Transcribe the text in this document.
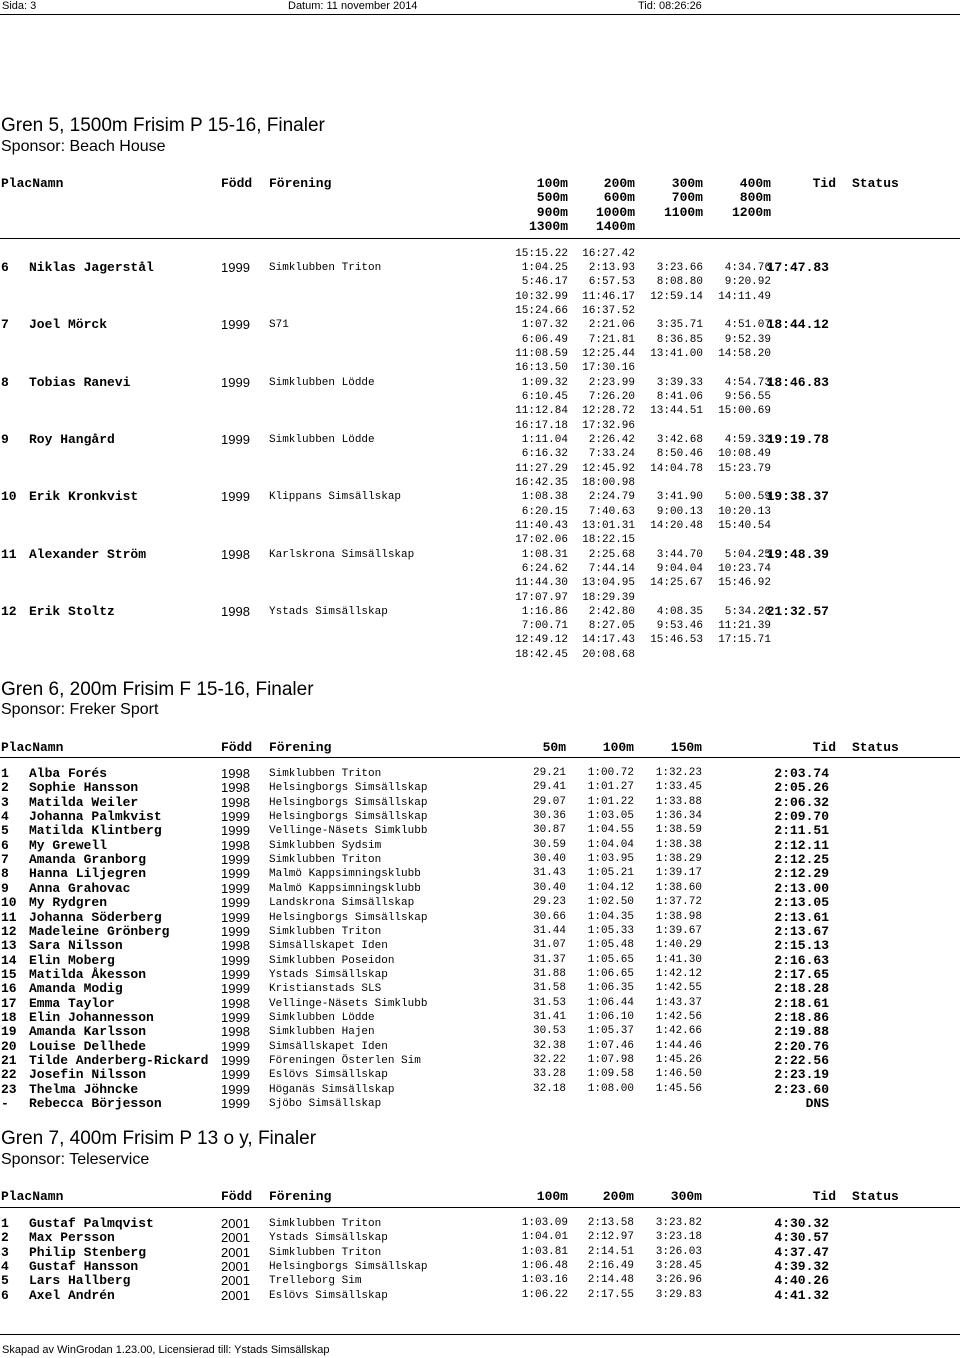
Sida: 3	Datum: 11 november 2014	Tid: 08:26:26
Gren 5, 1500m Frisim P 15-16, Finaler
Sponsor: Beach House
PlacNamn	Född Förening	Tid Status
100m	200m	300m	400m
500m	600m	700m	800m
900m	1000m	1100m	1200m
1300m	1400m
15:15.22	16:27.42
6 Niklas Jagerstål	1999 Simklubben Triton	17:47.83
1:04.25	2:13.93	3:23.66	4:34.76
5:46.17	6:57.53	8:08.80	9:20.92
10:32.99	11:46.17	12:59.14	14:11.49
15:24.66	16:37.52
7 Joel Mörck	1999 S71	18:44.12
1:07.32	2:21.06	3:35.71	4:51.07
6:06.49	7:21.81	8:36.85	9:52.39
11:08.59	12:25.44	13:41.00	14:58.20
16:13.50	17:30.16
8 Tobias Ranevi	1999 Simklubben Lödde	18:46.83
1:09.32	2:23.99	3:39.33	4:54.73
6:10.45	7:26.20	8:41.06	9:56.55
11:12.84	12:28.72	13:44.51	15:00.69
16:17.18	17:32.96
9 Roy Hangård	1999 Simklubben Lödde	19:19.78
1:11.04	2:26.42	3:42.68	4:59.32
6:16.32	7:33.24	8:50.46	10:08.49
11:27.29	12:45.92	14:04.78	15:23.79
16:42.35	18:00.98
10 Erik Kronkvist	1999 Klippans Simsällskap	19:38.37
1:08.38	2:24.79	3:41.90	5:00.59
6:20.15	7:40.63	9:00.13	10:20.13
11:40.43	13:01.31	14:20.48	15:40.54
17:02.06	18:22.15
11 Alexander Ström	1998 Karlskrona Simsällskap	19:48.39
1:08.31	2:25.68	3:44.70	5:04.25
6:24.62	7:44.14	9:04.04	10:23.74
11:44.30	13:04.95	14:25.67	15:46.92
17:07.97	18:29.39
12 Erik Stoltz	1998 Ystads Simsällskap	21:32.57
1:16.86	2:42.80	4:08.35	5:34.26
7:00.71	8:27.05	9:53.46	11:21.39
12:49.12	14:17.43	15:46.53	17:15.71
18:42.45	20:08.68
Gren 6, 200m Frisim F 15-16, Finaler
Sponsor: Freker Sport
PlacNamn	Född Förening	Tid Status
50m	100m	150m
1 Alba Forés	1998 Simklubben Triton	29.21	1:00.72	1:32.23	2:03.74
2 Sophie Hansson	1998 Helsingborgs Simsällskap	29.41	1:01.27	1:33.45	2:05.26
3 Matilda Weiler	1998 Helsingborgs Simsällskap	29.07	1:01.22	1:33.88	2:06.32
4 Johanna Palmkvist	1999 Helsingborgs Simsällskap	30.36	1:03.05	1:36.34	2:09.70
5 Matilda Klintberg	1999 Vellinge-Näsets Simklubb	30.87	1:04.55	1:38.59	2:11.51
6 My Grewell	1998 Simklubben Sydsim	30.59	1:04.04	1:38.38	2:12.11
7 Amanda Granborg	1999 Simklubben Triton	30.40	1:03.95	1:38.29	2:12.25
8 Hanna Liljegren	1999 Malmö Kappsimningsklubb	31.43	1:05.21	1:39.17	2:12.29
9 Anna Grahovac	1999 Malmö Kappsimningsklubb	30.40	1:04.12	1:38.60	2:13.00
10 My Rydgren	1999 Landskrona Simsällskap	29.23	1:02.50	1:37.72	2:13.05
11 Johanna Söderberg	1999 Helsingborgs Simsällskap	30.66	1:04.35	1:38.98	2:13.61
12 Madeleine Grönberg	1999 Simklubben Triton	31.44	1:05.33	1:39.67	2:13.67
13 Sara Nilsson	1998 Simsällskapet Iden	31.07	1:05.48	1:40.29	2:15.13
14 Elin Moberg	1999 Simklubben Poseidon	31.37	1:05.65	1:41.30	2:16.63
15 Matilda Åkesson	1999 Ystads Simsällskap	31.88	1:06.65	1:42.12	2:17.65
16 Amanda Modig	1999 Kristianstads SLS	31.58	1:06.35	1:42.55	2:18.28
17 Emma Taylor	1998 Vellinge-Näsets Simklubb	31.53	1:06.44	1:43.37	2:18.61
18 Elin Johannesson	1999 Simklubben Lödde	31.41	1:06.10	1:42.56	2:18.86
19 Amanda Karlsson	1998 Simklubben Hajen	30.53	1:05.37	1:42.66	2:19.88
20 Louise Dellhede	1999 Simsällskapet Iden	32.38	1:07.46	1:44.46	2:20.76
21 Tilde Anderberg-Rickard 1999 Föreningen Österlen Sim	32.22	1:07.98	1:45.26	2:22.56
22 Josefin Nilsson	1999 Eslövs Simsällskap	33.28	1:09.58	1:46.50	2:23.19
23 Thelma Jöhncke	1999 Höganäs Simsällskap	32.18	1:08.00	1:45.56	2:23.60
- Rebecca Börjesson	1999 Sjöbo Simsällskap	DNS
Gren 7, 400m Frisim P 13 o y, Finaler
Sponsor: Teleservice
PlacNamn	Född Förening	Tid Status
100m	200m	300m
1 Gustaf Palmqvist	2001 Simklubben Triton	1:03.09	2:13.58	3:23.82	4:30.32
2 Max Persson	2001 Ystads Simsällskap	1:04.01	2:12.97	3:23.18	4:30.57
3 Philip Stenberg	2001 Simklubben Triton	1:03.81	2:14.51	3:26.03	4:37.47
4 Gustaf Hansson	2001 Helsingborgs Simsällskap	1:06.48	2:16.49	3:28.45	4:39.32
5 Lars Hallberg	2001 Trelleborg Sim	1:03.16	2:14.48	3:26.96	4:40.26
6 Axel Andrén	2001 Eslövs Simsällskap	1:06.22	2:17.55	3:29.83	4:41.32
Skapad av WinGrodan 1.23.00, Licensierad till: Ystads Simsällskap
